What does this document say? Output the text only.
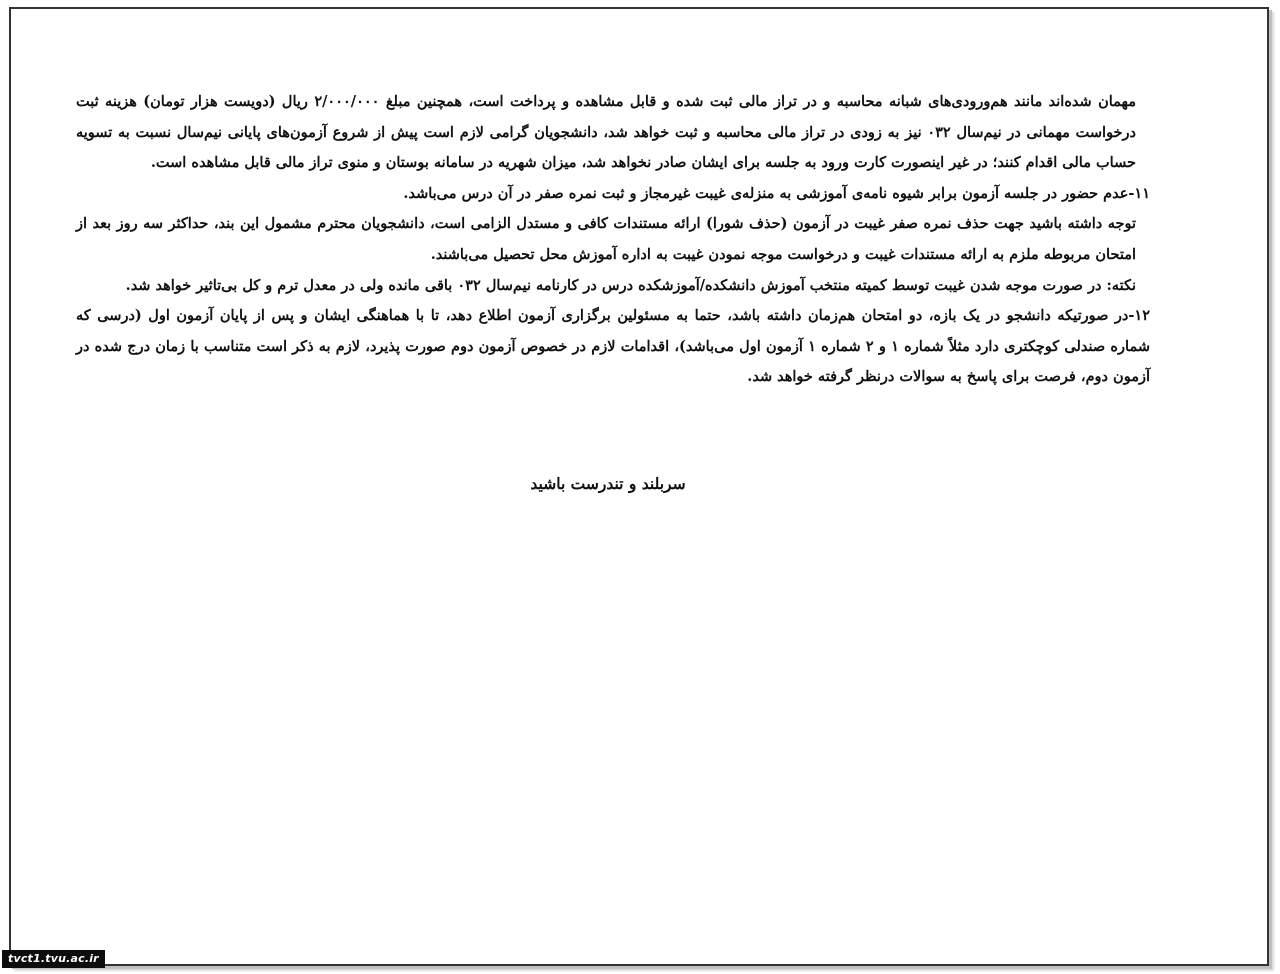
مهمان شده‌اند مانند هم‌ورودی‌های شبانه محاسبه و در تراز مالی ثبت شده و قابل مشاهده و پرداخت است، همچنین مبلغ ۲/۰۰۰/۰۰۰ ریال (دویست هزار تومان) هزینه ثبت درخواست مهمانی در نیم‌سال ۰۳۲ نیز به زودی در تراز مالی محاسبه و ثبت خواهد شد، دانشجویان گرامی لازم است پیش از شروع آزمون‌های پایانی نیم‌سال نسبت به تسویه حساب مالی اقدام کنند؛ در غیر اینصورت کارت ورود به جلسه برای ایشان صادر نخواهد شد، میزان شهریه در سامانه بوستان و منوی تراز مالی قابل مشاهده است.

۱۱-عدم حضور در جلسه آزمون برابر شیوه نامه‌ی آموزشی به منزله‌ی غیبت غیرمجاز و ثبت نمره صفر در آن درس می‌باشد.

توجه داشته باشید جهت حذف نمره صفر غیبت در آزمون (حذف شورا) ارائه مستندات کافی و مستدل الزامی است، دانشجویان محترم مشمول این بند، حداکثر سه روز بعد از امتحان مربوطه ملزم به ارائه مستندات غیبت و درخواست موجه نمودن غیبت به اداره آموزش محل تحصیل می‌باشند.

نکته: در صورت موجه شدن غیبت توسط کمیته منتخب آموزش دانشکده/آموزشکده درس در کارنامه نیم‌سال ۰۳۲ باقی مانده ولی در معدل ترم و کل بی‌تاثیر خواهد شد.

۱۲-در صورتیکه دانشجو در یک بازه، دو امتحان هم‌زمان داشته باشد، حتما به مسئولین برگزاری آزمون اطلاع دهد، تا با هماهنگی ایشان و پس از پایان آزمون اول (درسی که شماره صندلی کوچکتری دارد مثلاً شماره ۱ و ۲ شماره ۱ آزمون اول می‌باشد)، اقدامات لازم در خصوص آزمون دوم صورت پذیرد، لازم به ذکر است متناسب با زمان درج شده در آزمون دوم، فرصت برای پاسخ به سوالات درنظر گرفته خواهد شد.

سربلند و تندرست باشید
tvct1.tvu.ac.ir
